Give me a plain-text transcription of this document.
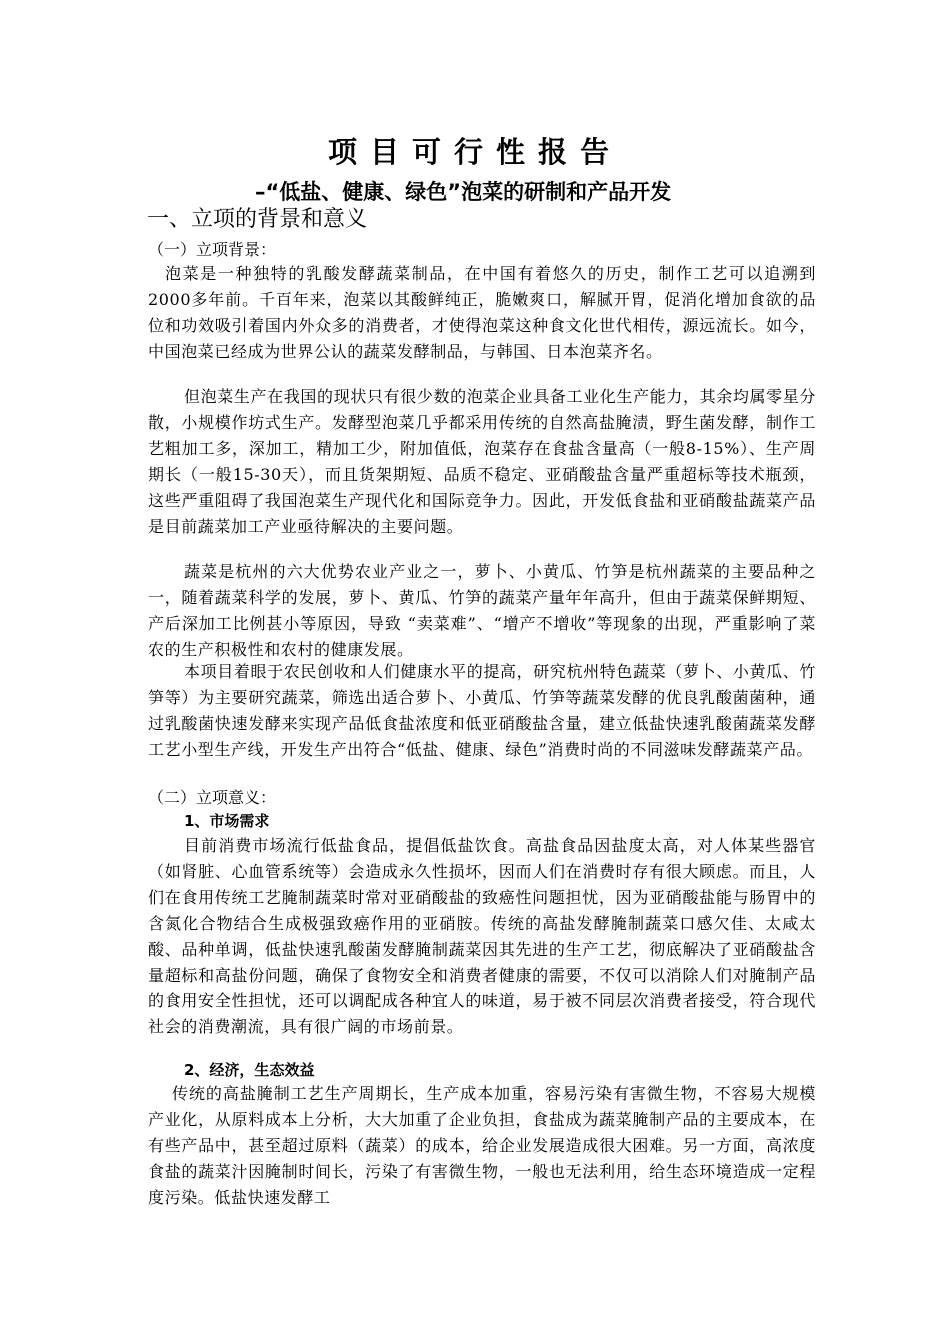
项目可行性报告
–“低盐、健康、绿色”泡菜的研制和产品开发
一、立项的背景和意义
（一）立项背景：

泡菜是一种独特的乳酸发酵蔬菜制品，在中国有着悠久的历史，制作工艺可以追溯到2000多年前。千百年来，泡菜以其酸鲜纯正，脆嫩爽口，解腻开胃，促消化增加食欲的品位和功效吸引着国内外众多的消费者，才使得泡菜这种食文化世代相传，源远流长。如今，中国泡菜已经成为世界公认的蔬菜发酵制品，与韩国、日本泡菜齐名。

但泡菜生产在我国的现状只有很少数的泡菜企业具备工业化生产能力，其余均属零星分散，小规模作坊式生产。发酵型泡菜几乎都采用传统的自然高盐腌渍，野生菌发酵，制作工艺粗加工多，深加工，精加工少，附加值低，泡菜存在食盐含量高（一般8-15%）、生产周期长（一般15-30天），而且货架期短、品质不稳定、亚硝酸盐含量严重超标等技术瓶颈，这些严重阻碍了我国泡菜生产现代化和国际竞争力。因此，开发低食盐和亚硝酸盐蔬菜产品是目前蔬菜加工产业亟待解决的主要问题。

蔬菜是杭州的六大优势农业产业之一，萝卜、小黄瓜、竹笋是杭州蔬菜的主要品种之一，随着蔬菜科学的发展，萝卜、黄瓜、竹笋的蔬菜产量年年高升，但由于蔬菜保鲜期短、产后深加工比例甚小等原因，导致 “卖菜难”、“增产不增收”等现象的出现，严重影响了菜农的生产积极性和农村的健康发展。

本项目着眼于农民创收和人们健康水平的提高，研究杭州特色蔬菜（萝卜、小黄瓜、竹笋等）为主要研究蔬菜，筛选出适合萝卜、小黄瓜、竹笋等蔬菜发酵的优良乳酸菌菌种，通过乳酸菌快速发酵来实现产品低食盐浓度和低亚硝酸盐含量，建立低盐快速乳酸菌蔬菜发酵工艺小型生产线，开发生产出符合“低盐、健康、绿色”消费时尚的不同滋味发酵蔬菜产品。

（二）立项意义：
1、市场需求

目前消费市场流行低盐食品，提倡低盐饮食。高盐食品因盐度太高，对人体某些器官（如肾脏、心血管系统等）会造成永久性损坏，因而人们在消费时存有很大顾虑。而且，人们在食用传统工艺腌制蔬菜时常对亚硝酸盐的致癌性问题担忧，因为亚硝酸盐能与肠胃中的含氮化合物结合生成极强致癌作用的亚硝胺。传统的高盐发酵腌制蔬菜口感欠佳、太咸太酸、品种单调，低盐快速乳酸菌发酵腌制蔬菜因其先进的生产工艺，彻底解决了亚硝酸盐含量超标和高盐份问题，确保了食物安全和消费者健康的需要，不仅可以消除人们对腌制产品的食用安全性担忧，还可以调配成各种宜人的味道，易于被不同层次消费者接受，符合现代社会的消费潮流，具有很广阔的市场前景。

2、经济，生态效益

传统的高盐腌制工艺生产周期长，生产成本加重，容易污染有害微生物，不容易大规模产业化，从原料成本上分析，大大加重了企业负担，食盐成为蔬菜腌制产品的主要成本，在有些产品中，甚至超过原料（蔬菜）的成本，给企业发展造成很大困难。另一方面，高浓度食盐的蔬菜汁因腌制时间长，污染了有害微生物，一般也无法利用，给生态环境造成一定程度污染。低盐快速发酵工
